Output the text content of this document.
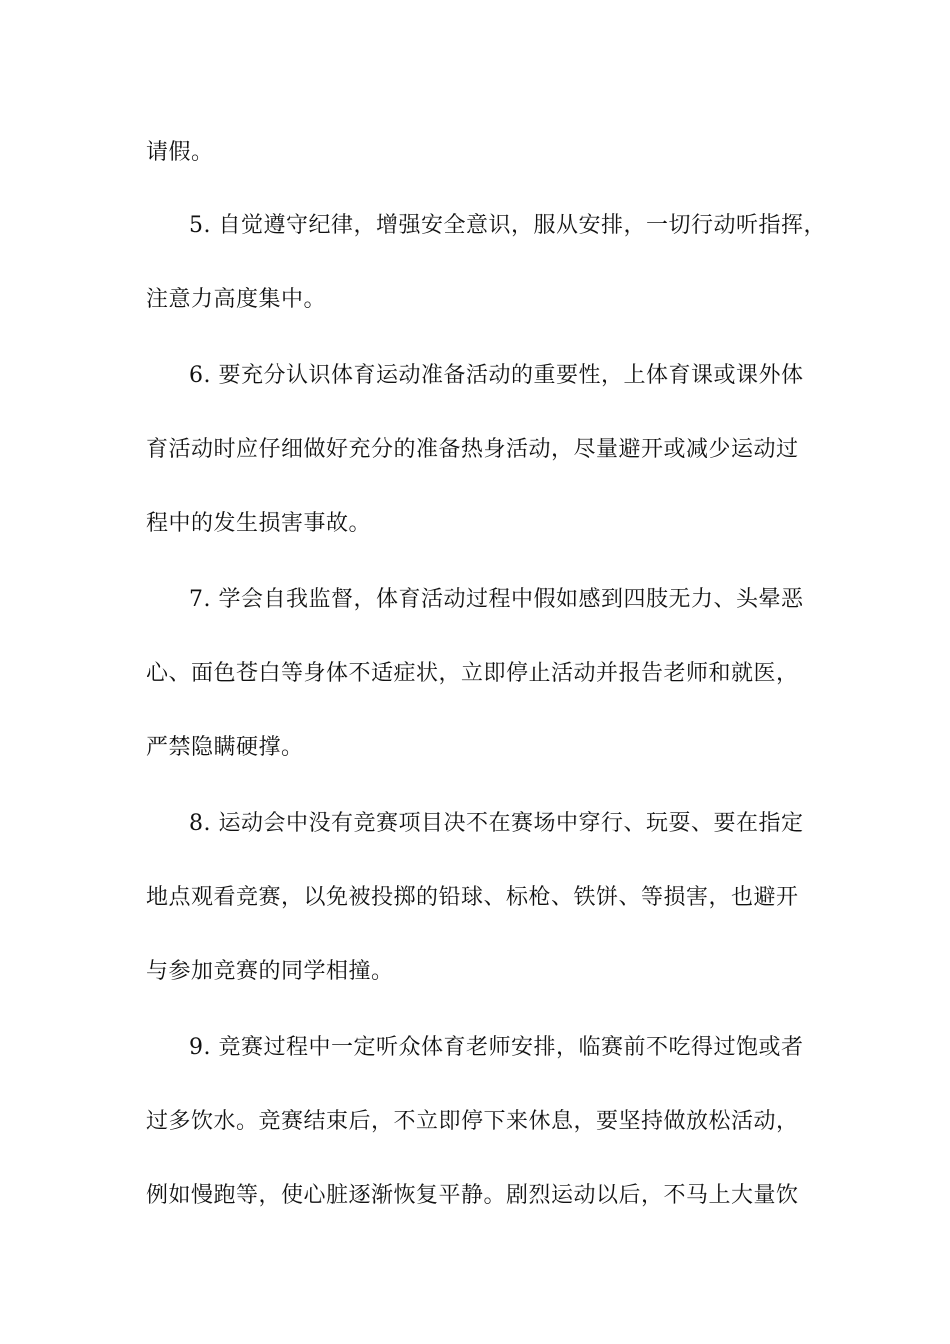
请假。
5. 自觉遵守纪律，增强安全意识，服从安排，一切行动听指挥，
注意力高度集中。
6. 要充分认识体育运动准备活动的重要性，上体育课或课外体
育活动时应仔细做好充分的准备热身活动，尽量避开或减少运动过
程中的发生损害事故。
7. 学会自我监督，体育活动过程中假如感到四肢无力、头晕恶
心、面色苍白等身体不适症状，立即停止活动并报告老师和就医，
严禁隐瞒硬撑。
8. 运动会中没有竞赛项目决不在赛场中穿行、玩耍、要在指定
地点观看竞赛，以免被投掷的铅球、标枪、铁饼、等损害，也避开
与参加竞赛的同学相撞。
9. 竞赛过程中一定听众体育老师安排，临赛前不吃得过饱或者
过多饮水。竞赛结束后，不立即停下来休息，要坚持做放松活动，
例如慢跑等，使心脏逐渐恢复平静。剧烈运动以后，不马上大量饮
